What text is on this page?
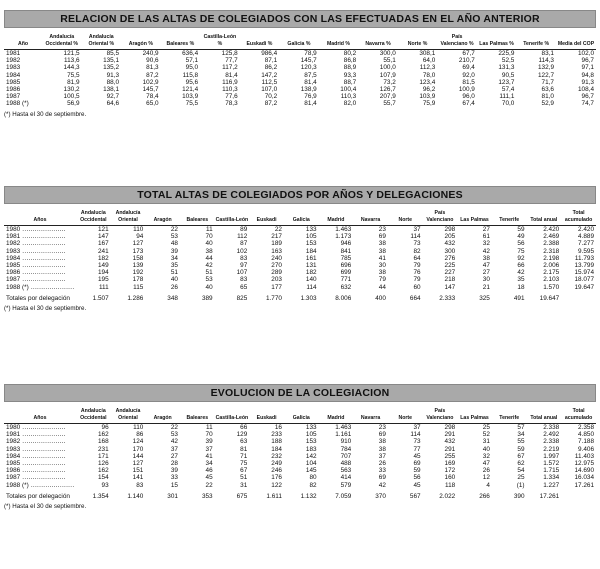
RELACION DE LAS ALTAS DE COLEGIADOS CON LAS EFECTUADAS EN EL AÑO ANTERIOR
Año	Andalucía Occidental %	Andalucía Oriental %	Aragón %	Baleares %	Castilla-León %	Euskadi %	Galicia %	Madrid %	Navarra %	Norte %	País Valenciano %	Las Palmas %	Tenerife %	Media del COP
1981	121,5	85,5	240,9	636,4	125,8	986,4	78,9	80,2	300,0	308,1	67,7	225,9	83,1	102,0
1982	113,6	135,1	90,6	57,1	77,7	87,1	145,7	86,8	55,1	64,0	210,7	52,5	114,3	96,7
1983	144,3	135,2	81,3	95,0	117,2	86,2	120,3	88,9	100,0	112,3	69,4	131,3	132,9	97,1
1984	75,5	91,3	87,2	115,8	81,4	147,2	87,5	93,3	107,9	78,0	92,0	90,5	122,7	94,8
1985	81,9	88,0	102,9	95,6	116,9	112,5	81,4	88,7	73,2	123,4	81,5	123,7	71,7	91,3
1986	130,2	138,1	145,7	121,4	110,3	107,0	138,9	100,4	126,7	96,2	100,9	57,4	63,6	108,4
1987	100,5	92,7	78,4	103,9	77,6	70,2	76,9	110,3	207,9	103,9	96,0	111,1	81,0	96,7
1988 (*)	56,9	64,6	65,0	75,5	78,3	87,2	81,4	82,0	55,7	75,9	67,4	70,0	52,9	74,7
(*) Hasta el 30 de septiembre.
TOTAL ALTAS DE COLEGIADOS POR AÑOS Y DELEGACIONES
Años	Andalucía Occidental	Andalucía Oriental	Aragón	Baleares	Castilla-León	Euskadi	Galicia	Madrid	Navarra	Norte	País Valenciano	Las Palmas	Tenerife	Total anual	Total acumulado
1980 .....................	121	110	22	11	89	22	133	1.463	23	37	298	27	59	2.420	2.420
1981 .....................	147	94	53	70	112	217	105	1.173	69	114	205	61	49	2.469	4.889
1982 .....................	167	127	48	40	87	189	153	946	38	73	432	32	56	2.388	7.277
1983 .....................	241	173	39	38	102	163	184	841	38	82	300	42	75	2.318	9.595
1984 .....................	182	158	34	44	83	240	161	785	41	64	276	38	92	2.198	11.793
1985 .....................	149	139	35	42	97	270	131	696	30	79	225	47	66	2.006	13.799
1986 .....................	194	192	51	51	107	289	182	699	38	76	227	27	42	2.175	15.974
1987 .....................	195	178	40	53	83	203	140	771	79	79	218	30	35	2.103	18.077
1988 (*) .....................	111	115	26	40	65	177	114	632	44	60	147	21	18	1.570	19.647
Totales por delegación	1.507	1.286	348	389	825	1.770	1.303	8.006	400	664	2.333	325	491	19.647	
(*) Hasta el 30 de septiembre.
EVOLUCION DE LA COLEGIACION
Años	Andalucía Occidental	Andalucía Oriental	Aragón	Baleares	Castilla-León	Euskadi	Galicia	Madrid	Navarra	Norte	País Valenciano	Las Palmas	Tenerife	Total anual	Total acumulado
1980 .....................	96	110	22	11	66	16	133	1.463	23	37	298	25	57	2.338	2.358
1981 .....................	162	86	53	70	129	233	105	1.161	69	114	291	52	34	2.492	4.850
1982 .....................	168	124	42	39	63	188	153	910	38	73	432	31	55	2.338	7.188
1983 .....................	231	170	37	37	81	184	183	784	38	77	291	40	59	2.219	9.406
1984 .....................	171	144	27	41	71	232	142	707	37	45	255	32	67	1.997	11.403
1985 .....................	126	127	28	34	75	249	104	488	26	69	169	47	62	1.572	12.975
1986 .....................	162	151	39	46	67	246	145	563	33	59	172	26	54	1.715	14.690
1987 .....................	154	141	33	45	51	176	80	414	69	56	160	12	25	1.334	16.034
1988 (*) .....................	93	83	15	22	31	122	82	579	42	45	118	4	(1)	1.227	17.261
Totales por delegación	1.354	1.140	301	353	675	1.611	1.132	7.059	370	567	2.022	266	390	17.261	
(*) Hasta el 30 de septiembre.
